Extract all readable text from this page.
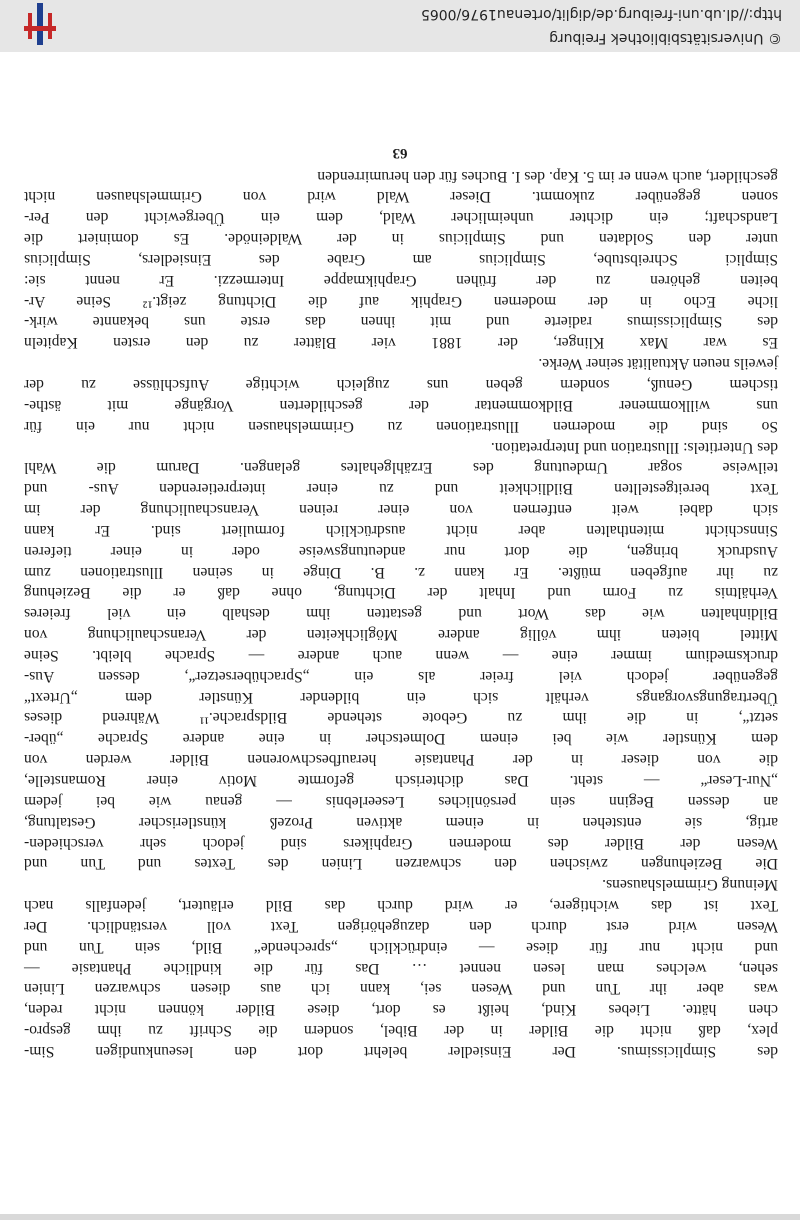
des Simplicissimus. Der Einsiedler belehrt dort den leseunkundigen Sim-
plex, daß nicht die Bilder in der Bibel, sondern die Schrift zu ihm gespro-
chen hätte. Liebes Kind, heißt es dort, diese Bilder können nicht reden,
was aber ihr Tun und Wesen sei, kann ich aus diesen schwarzen Linien
sehen, welches man lesen nennet … Das für die kindliche Phantasie —
und nicht nur für diese — eindrücklich „sprechende“ Bild, sein Tun und
Wesen wird erst durch den dazugehörigen Text voll verständlich. Der
Text ist das wichtigere, er wird durch das Bild erläutert, jedenfalls nach
Meinung Grimmelshausens.
Die Beziehungen zwischen den schwarzen Linien des Textes und Tun und
Wesen der Bilder des modernen Graphikers sind jedoch sehr verschieden-
artig, sie entstehen in einem aktiven Prozeß künstlerischer Gestaltung,
an dessen Beginn sein persönliches Leseerlebnis — genau wie bei jedem
„Nur-Leser“ — steht. Das dichterisch geformte Motiv einer Romanstelle,
die von dieser in der Phantasie heraufbeschworenen Bilder werden von
dem Künstler wie bei einem Dolmetscher in eine andere Sprache „über-
setzt“, in die ihm zu Gebote stehende Bildsprache.¹¹ Während dieses
Übertragungsvorgangs verhält sich ein bildender Künstler dem „Urtext“
gegenüber jedoch viel freier als ein „Sprachübersetzer“, dessen Aus-
drucksmedium immer eine — wenn auch andere — Sprache bleibt. Seine
Mittel bieten ihm völlig andere Möglichkeiten der Veranschaulichung von
Bildinhalten wie das Wort und gestatten ihm deshalb ein viel freieres
Verhältnis zu Form und Inhalt der Dichtung, ohne daß er die Beziehung
zu ihr aufgeben müßte. Er kann z. B. Dinge in seinen Illustrationen zum
Ausdruck bringen, die dort nur andeutungsweise oder in einer tieferen
Sinnschicht mitenthalten aber nicht ausdrücklich formuliert sind. Er kann
sich dabei weit entfernen von einer reinen Veranschaulichung der im
Text bereitgestellten Bildlichkeit und zu einer interpretierenden Aus- und
teilweise sogar Umdeutung des Erzählgehaltes gelangen. Darum die Wahl
des Untertitels: Illustration und Interpretation.
So sind die modernen Illustrationen zu Grimmelshausen nicht nur ein für
uns willkommener Bildkommentar der geschilderten Vorgänge mit ästhe-
tischem Genuß, sondern geben uns zugleich wichtige Aufschlüsse zu der
jeweils neuen Aktualität seiner Werke.
Es war Max Klinger, der 1881 vier Blätter zu den ersten Kapiteln
des Simplicissimus radierte und mit ihnen das erste uns bekannte wirk-
liche Echo in der modernen Graphik auf die Dichtung zeigt.¹² Seine Ar-
beiten gehören zu der frühen Graphikmappe Intermezzi. Er nennt sie:
Simplici Schreibstube, Simplicius am Grabe des Einsiedlers, Simplicius
unter den Soldaten und Simplicius in der Waldeinöde. Es dominiert die
Landschaft; ein dichter unheimlicher Wald, dem ein Übergewicht den Per-
sonen gegenüber zukommt. Dieser Wald wird von Grimmelshausen nicht
geschildert, auch wenn er im 5. Kap. des I. Buches für den herumirrenden
63
© Universitätsbibliothek Freiburg
http://dl.ub.uni-freiburg.de/diglit/ortenau1976/0065
